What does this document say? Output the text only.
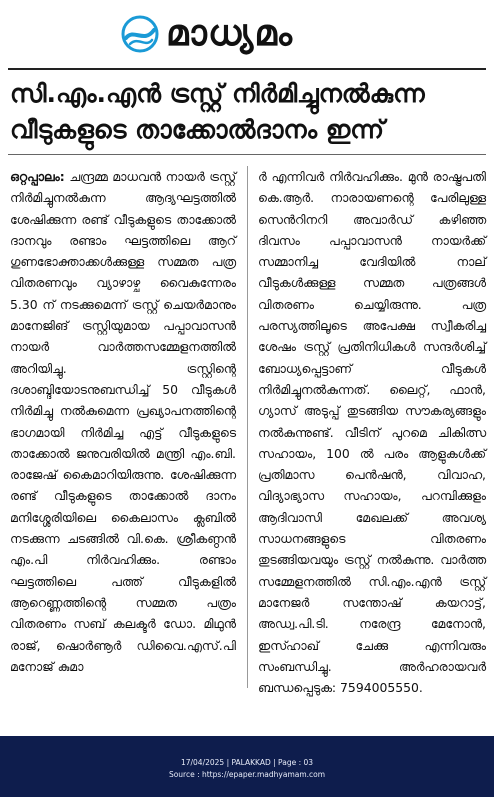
മാധ്യമം
സി.എം.എൻ ട്രസ്റ്റ് നിർമിച്ചുനൽകുന്ന
വീടുകളുടെ താക്കോൽദാനം ഇന്ന്

ഒറ്റപ്പാലം: ചന്ദ്രമ്മ മാധവൻ നായർ ട്രസ്റ്റ് നിർമിച്ചുനൽകുന്ന ആദ്യഘട്ടത്തിൽ ശേഷിക്കുന്ന രണ്ട് വീടുകളുടെ താക്കോൽ ദാനവും രണ്ടാം ഘട്ടത്തിലെ ആറ് ഗുണഭോക്താക്കൾക്കുള്ള സമ്മത പത്ര വിതരണവും വ്യാഴാഴ്ച വൈകുന്നേരം 5.30 ന് നടക്കുമെന്ന് ട്രസ്റ്റ് ചെയർമാനും മാനേജിങ് ട്രസ്റ്റിയുമായ പപ്പാവാസൻ നായർ വാർത്തസമ്മേളനത്തിൽ അറിയിച്ചു. ട്രസ്റ്റിന്റെ ദശാബ്ദിയോടനുബന്ധിച്ച് 50 വീടുകൾ നിർമിച്ചു നൽകുമെന്ന പ്രഖ്യാപനത്തിന്റെ ഭാഗമായി നിർമിച്ച എട്ട് വീടുകളുടെ താക്കോൽ ജനുവരിയിൽ മന്ത്രി എം.ബി. രാജേഷ് കൈമാറിയിരുന്നു. ശേഷിക്കുന്ന രണ്ട് വീടുകളുടെ താക്കോൽ ദാനം മനിശ്ശേരിയിലെ കൈലാസം ക്ലബിൽ നടക്കുന്ന ചടങ്ങിൽ വി.കെ. ശ്രീകണ്ഠൻ എം.പി നിർവഹിക്കും. രണ്ടാം ഘട്ടത്തിലെ പത്ത് വീടുകളിൽ ആറെണ്ണത്തിന്റെ സമ്മത പത്രം വിതരണം സബ് കലക്ടർ ഡോ. മിഥുൻ രാജ്, ഷൊർണൂർ ഡിവൈ.എസ്.പി മനോജ് കുമാ

ർ എന്നിവർ നിർവഹിക്കും. മുൻ രാഷ്ട്രപതി കെ.ആർ. നാരായണന്റെ പേരിലുള്ള സെൻറിനറി അവാർഡ് കഴിഞ്ഞ ദിവസം പപ്പാവാസൻ നായർക്ക് സമ്മാനിച്ച വേദിയിൽ നാല് വീടുകൾക്കുള്ള സമ്മത പത്രങ്ങൾ വിതരണം ചെയ്യിരുന്നു. പത്ര പരസ്യത്തിലൂടെ അപേക്ഷ സ്വീകരിച്ച ശേഷം ട്രസ്റ്റ് പ്രതിനിധികൾ സന്ദർശിച്ച് ബോധ്യപ്പെട്ടാണ് വീടുകൾ നിർമിച്ചുനൽകുന്നത്. ലൈറ്റ്, ഫാൻ, ഗ്യാസ് അടുപ്പ് തുടങ്ങിയ സൗകര്യങ്ങളും നൽകുന്നുണ്ട്. വീടിന് പുറമെ ചികിത്സ സഹായം, 100 ൽ പരം ആളുകൾക്ക് പ്രതിമാസ പെൻഷൻ, വിവാഹ, വിദ്യാഭ്യാസ സഹായം, പറമ്പിക്കുളം ആദിവാസി മേഖലക്ക് അവശ്യ സാധനങ്ങളുടെ വിതരണം തുടങ്ങിയവയും ട്രസ്റ്റ് നൽകുന്നു. വാർത്ത സമ്മേളനത്തിൽ സി.എം.എൻ ട്രസ്റ്റ് മാനേജർ സന്തോഷ് കയറാട്ട്, അഡ്വ.പി.ടി. നരേന്ദ്ര മേനോൻ, ഇസ്ഹാഖ് ചേക്കു എന്നിവരും സംബന്ധിച്ചു. അർഹരായവർ ബന്ധപ്പെടുക: 7594005550.

17/04/2025 | PALAKKAD | Page : 03
Source : https://epaper.madhyamam.com
